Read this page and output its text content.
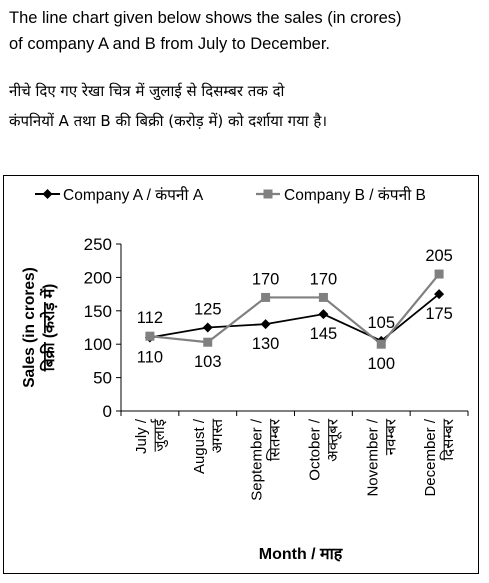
The line chart given below shows the sales (in crores)
of company A and B from July to December.
नीचे दिए गए रेखा चित्र में जुलाई से दिसम्बर तक दो
कंपनियों A तथा B की बिक्री (करोड़ में) को दर्शाया गया है।
0
50
100
150
200
250
July /जुलाई August /अगस्त September /सितम्बर October /अक्तूबर November /नवम्बर December /दिसम्बर
110
125
130
145
105 175
112
103
170 170
100
205
Company A / कंपनी A	Company B / कंपनी B
Sales (in crores) बिक्री (करोड़ में)
Month / माह
